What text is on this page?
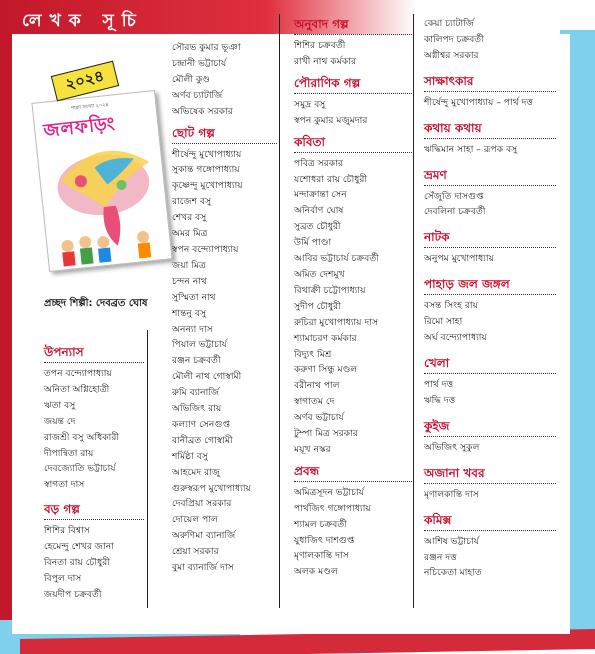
লেখক সূচি
শারদ সংখ্যা ২০২৪
জলফড়িং
২০২৪
প্রচ্ছদ শিল্পী: দেবব্রত ঘোষ
উপন্যাস
তপন বন্দ্যোপাধ্যায়
অনিতা অগ্নিহোত্রী
ঋতা বসু
জয়ন্ত দে
রাজশ্রী বসু অধিকারী
দীপান্বিতা রায়
দেবজ্যোতি ভট্টাচার্য
স্বাগতা দাস
বড় গল্প
শিশির বিশ্বাস
হেমেন্দু শেখর জানা
বিনতা রায় চৌধুরী
বিপুল দাস
জয়দীপ চক্রবর্তী
সৌরভ কুমার ভূঞা
চন্দ্রানী ভট্টাচার্য
মৌলী কুণ্ড
অর্ণব চ্যাটার্জি
অভিষেক সরকার
ছোট গল্প
শীর্ষেন্দু মুখোপাধ্যায়
সুকান্ত গঙ্গোপাধ্যায়
কৃষ্ণেন্দু মুখোপাধ্যায়
রাজেশ বসু
শেখর বসু
অমর মিত্র
স্বপন বন্দ্যোপাধ্যায়
জয়া মিত্র
চন্দন নাথ
সুস্মিতা নাথ
শান্তনু বসু
অনন্যা দাস
পিয়াল ভট্টাচার্য
রঞ্জন চক্রবর্তী
মৌলী নাথ গোস্বামী
রুমি ব্যানার্জি
অভিজিৎ রায়
কল্যাণ সেনগুপ্ত
বানীব্রত গোস্বামী
শর্মিষ্ঠা বসু
আহমেদ রাজু
গুরুস্বরূপ মুখোপাধ্যায়
দেবপ্রিয়া সরকার
দোয়েল পাল
অরুণিমা ব্যানার্জি
শ্রেয়া সরকার
বুমা ব্যানার্জি দাস
অনুবাদ গল্প
শিশির চক্রবর্তী
রাখী নাথ কর্মকার
পৌরাণিক গল্প
সমুদ্র বসু
স্বপন কুমার মজুমদার
কবিতা
পবিত্র সরকার
যশোধরা রায় চৌধুরী
মন্দাক্রান্তা সেন
অনির্বাণ ঘোষ
সুব্রত চৌধুরী
উর্মি পাণ্ডা
আবির ভট্টাচার্য চক্রবর্তী
অমিত দেশমুখ
বিথাক্রী চট্টোপাধ্যায়
সুদীপ চৌধুরী
রুচিরা মুখোপাধ্যায় দাস
শ্যামাচরণ কর্মকার
বিদ্যুৎ মিশ্র
করুণা সিন্ধু মণ্ডল
বরীনাথ পাল
স্বাগাতম দে
অর্ণব ভট্টাচার্য
টুম্পা মিত্র সরকার
ময়ূখ নস্কর
প্রবন্ধ
অমিত্রসূদন ভট্টাচার্য
পার্থজিৎ গঙ্গোপাধ্যায়
শ্যামল চক্রবর্তী
যুধাজিৎ দাশগুপ্ত
মৃণালকান্তি দাস
অলক মণ্ডল
কেয়া চ্যাটার্জি
কালিপদ চক্রবর্তী
অগ্নীশ্বর সরকার
সাক্ষাৎকার
শীর্ষেন্দু মুখোপাধ্যায় – পার্থ দত্ত
কথায় কথায়
ঋদ্ধিমান সাহা – রূপক বসু
ভ্রমণ
সেঁজুতি দাসগুপ্ত
দেবলিনা চক্রবর্তী
নাটক
অনুপম মুখোপাধ্যায়
পাহাড় জল জঙ্গল
বসন্ত সিংহ রায়
রিমো সাহা
অর্ঘ বন্দ্যোপাধ্যায়
খেলা
পার্থ দত্ত
ঋদ্ধি দত্ত
কুইজ
অভিজিৎ সুকুল
অজানা খবর
মৃণালকান্তি দাস
কমিক্স
আশিষ ভট্টাচার্য
রঞ্জন দত্ত
নচিকেতা মাহাত
